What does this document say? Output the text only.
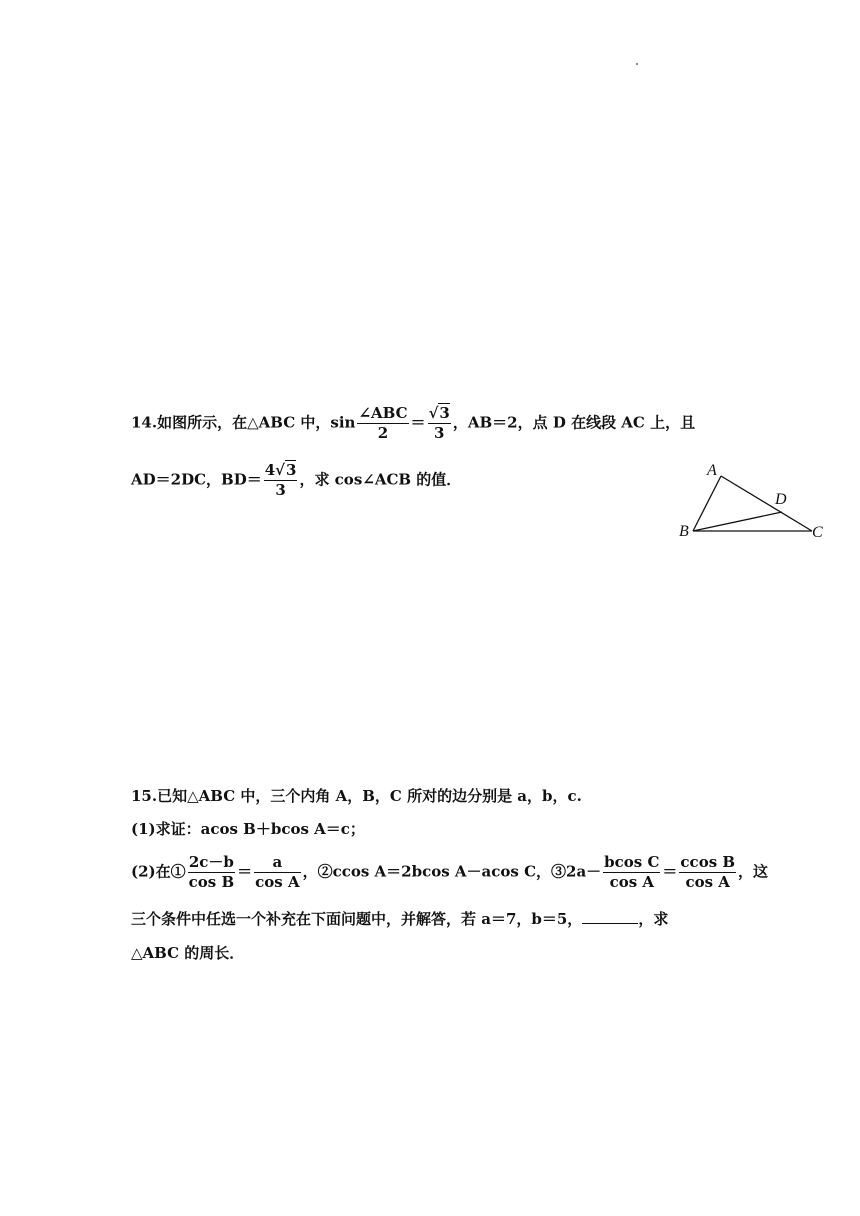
14.如图所示，在△ABC 中，$\sin \frac{\text{∠ABC}}{2} = \frac{√3}{3}$ ，AB＝2，点 D 在线段 AC 上，且
AD＝2DC，$BD= \frac{4√3}{3}$ ，求 cos∠ACB 的值．	A
D
B	C
15.已知△ABC 中，三个内角 A，B，C 所对的边分别是 a，b，c.
(1)求证：acos B＋bcos A＝c；
(2)在① $\frac{2c-b}{\text{cos B}} = \frac{a}{\text{cos A}}$ ，②ccos A＝2bcos A－acos C，③2a－ $\frac{\text{bcos C}}{\text{cos A}} = \frac{\text{ccos B}}{\text{cos A}}$ ，这
三个条件中任选一个补充在下面问题中，并解答，若 a＝7，b＝5，	，求
△ABC 的周长．
